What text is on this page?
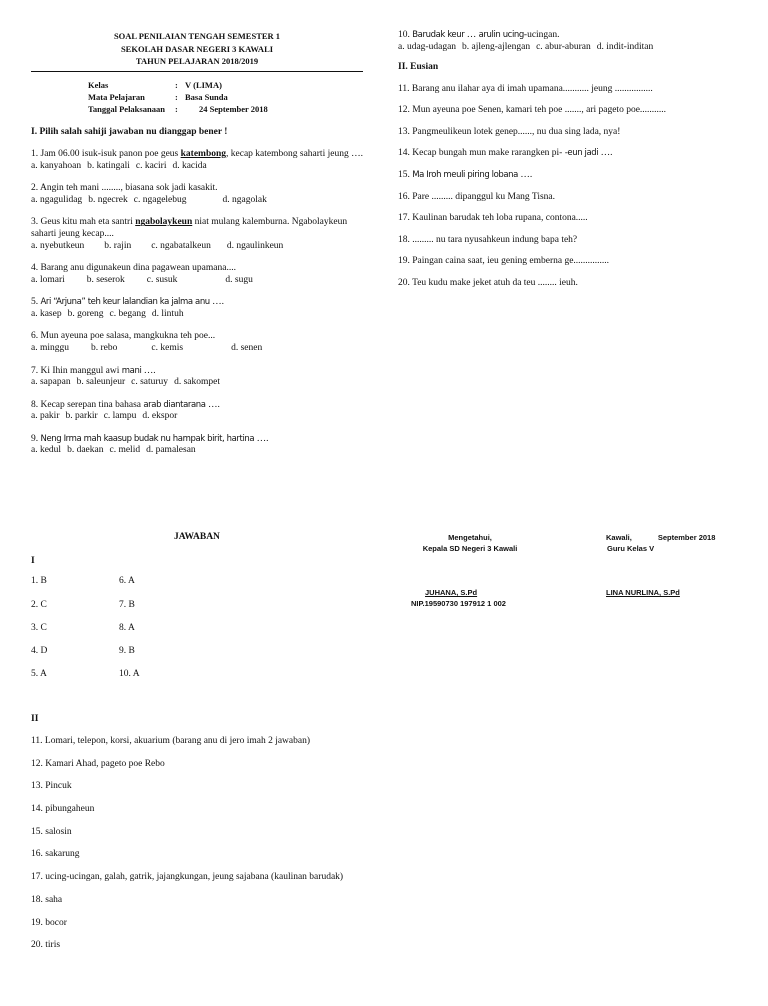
SOAL PENILAIAN TENGAH SEMESTER 1
SEKOLAH DASAR NEGERI 3 KAWALI
TAHUN PELAJARAN 2018/2019
Kelas	: V (LIMA)
Mata Pelajaran	: Basa Sunda
Tanggal Pelaksanaan	:	24 September 2018
I. Pilih salah sahiji jawaban nu dianggap bener !
1. Jam 06.00 isuk-isuk panon poe geus katembong, kecap katembong saharti jeung ….
a. kanyahoan b. katingali c. kaciri d. kacida
2. Angin teh mani ........, biasana sok jadi kasakit.
a. ngagulidag b. ngecrek c. ngagelebug	d. ngagolak
3. Geus kitu mah eta santri ngabolaykeun niat mulang kalemburna. Ngabolaykeun saharti jeung kecap....
a. nyebutkeun b. rajin c. ngabatalkeun d. ngaulinkeun
4. Barang anu digunakeun dina pagawean upamana....
a. lomari b. seserok c. susuk	d. sugu
5. Ari “Arjuna” teh keur lalandian ka jalma anu ….
a. kasep b. goreng c. begang d. lintuh
6. Mun ayeuna poe salasa, mangkukna teh poe...
a. minggu b. rebo	c. kemis	d. senen
7. Ki Ihin manggul awi mani ….
a. sapapan b. saleunjeur c. saturuy d. sakompet
8. Kecap serepan tina bahasa arab diantarana ….
a. pakir b. parkir c. lampu d. ekspor
9. Neng Irma mah kaasup budak nu hampak birit, hartina ….
a. kedul b. daekan c. melid d. pamalesan
10. Barudak keur … arulin ucing-ucingan.
a. udag-udagan b. ajleng-ajlengan c. abur-aburan d. indit-inditan
II. Eusian
11. Barang anu ilahar aya di imah upamana........... jeung ................
12. Mun ayeuna poe Senen, kamari teh poe ......., ari pageto poe...........
13. Pangmeulikeun lotek genep......, nu dua sing lada, nya!
14. Kecap bungah mun make rarangken pi- -eun jadi ….
15. Ma Iroh meuli piring lobana ….
16. Pare ......... dipanggul ku Mang Tisna.
17. Kaulinan barudak teh loba rupana, contona.....
18. ......... nu tara nyusahkeun indung bapa teh?
19. Paingan caina saat, ieu gening emberna ge...............
20. Teu kudu make jeket atuh da teu ........ ieuh.
JAWABAN
I
1. B	6. A
2. C	7. B
3. C	8. A
4. D	9. B
5. A	10. A
II
11. Lomari, telepon, korsi, akuarium (barang anu di jero imah 2 jawaban)
12. Kamari Ahad, pageto poe Rebo
13. Pincuk
14. pibungaheun
15. salosin
16. sakarung
17. ucing-ucingan, galah, gatrik, jajangkungan, jeung sajabana (kaulinan barudak)
18. saha
19. bocor
20. tiris
Mengetahui,
Kepala SD Negeri 3 Kawali
JUHANA, S.Pd
NIP.19590730 197912 1 002
Kawali,	September 2018
Guru Kelas V
LINA NURLINA, S.Pd
